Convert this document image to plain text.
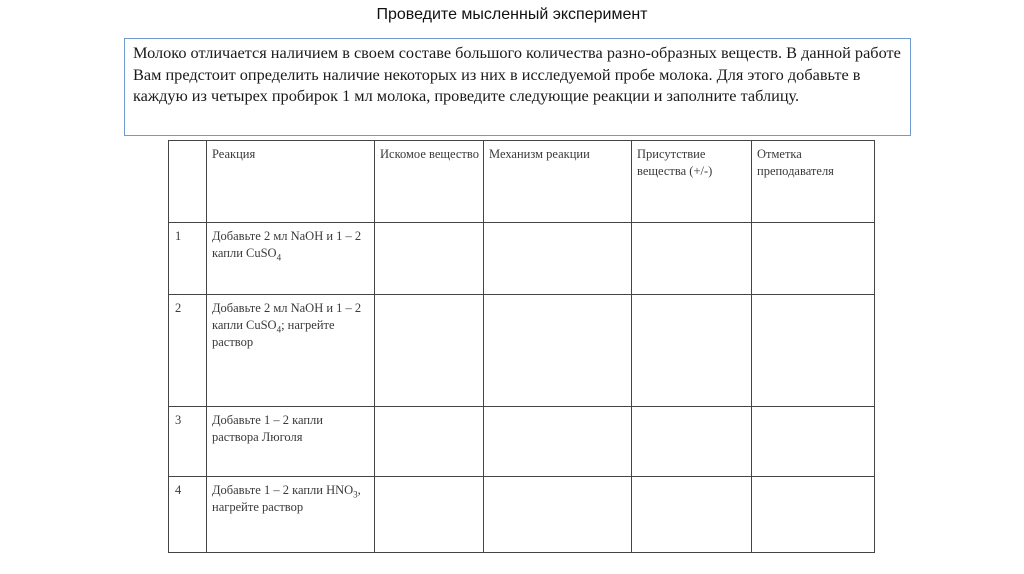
Проведите мысленный эксперимент
Молоко отличается наличием в своем составе большого количества разно-образных веществ. В данной работе Вам предстоит определить наличие некоторых из них в исследуемой пробе молока. Для этого добавьте в каждую из четырех пробирок 1 мл молока, проведите следующие реакции и заполните таблицу.

	Реакция	Искомое вещество	Механизм реакции	Присутствие вещества (+/-)	Отметка преподавателя

1	Добавьте 2 мл NaOH и 1 – 2 капли CuSO$_4$

2	Добавьте 2 мл NaOH и 1 – 2 капли CuSO$_4$; нагрейте раствор				

3	Добавьте 1 – 2 капли раствора Люголя				

4	Добавьте 1 – 2 капли $HNO_3$, нагрейте раствор				
